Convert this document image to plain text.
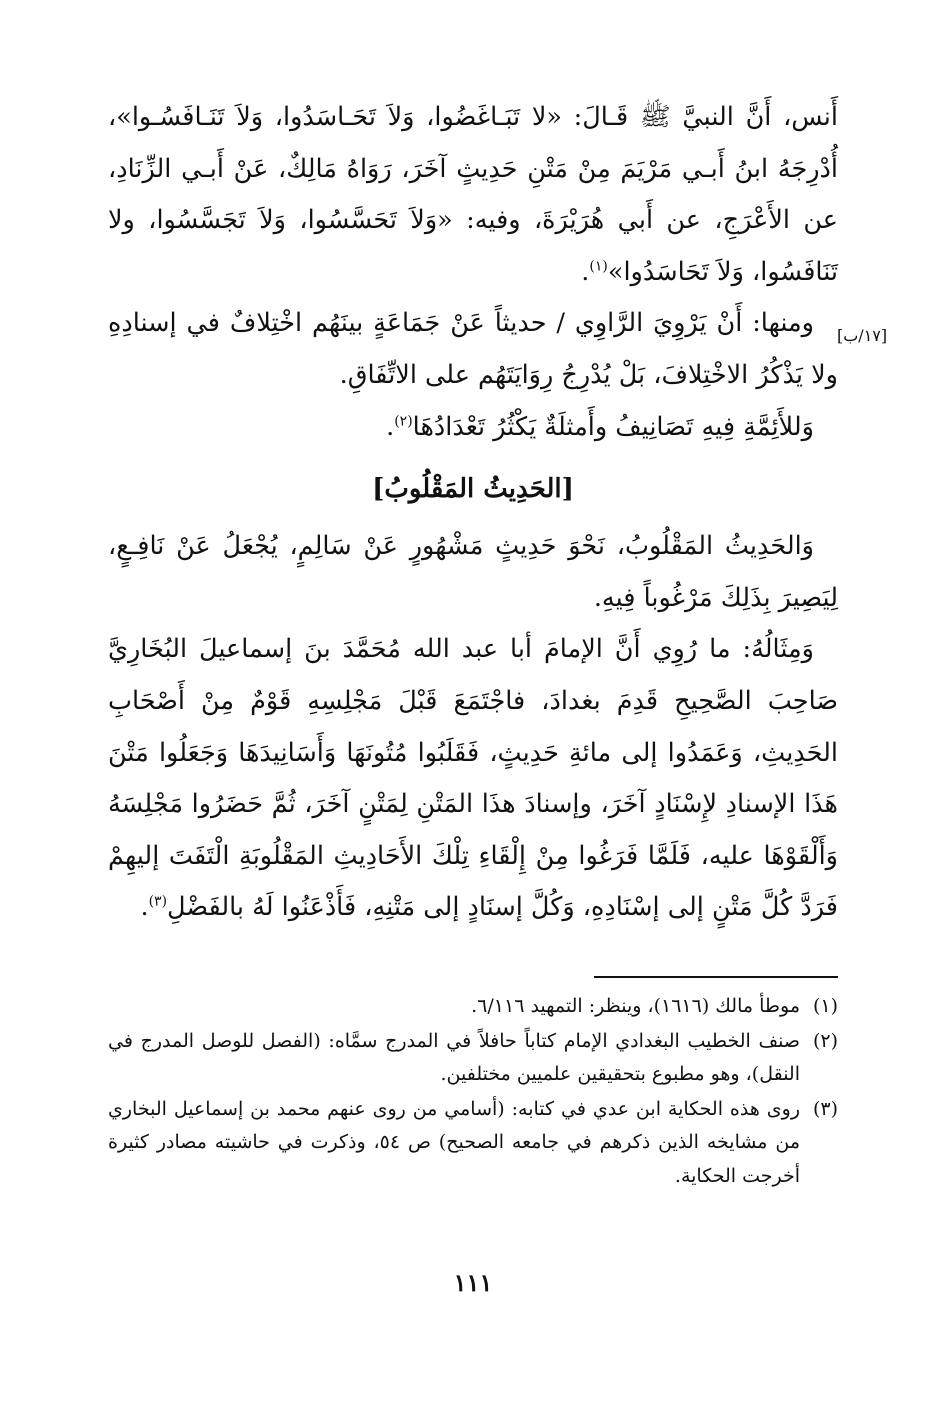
أَنس، أَنَّ النبيَّ ﷺ قَـالَ: «لا تَبَـاغَضُوا، وَلاَ تَحَـاسَدُوا، وَلاَ تَنَـافَسُـوا»، أُدْرِجَهُ ابنُ أَبـي مَرْيَمَ مِنْ مَتْنِ حَدِيثٍ آخَرَ، رَوَاهُ مَالِكٌ، عَنْ أَبـي الزِّنَادِ، عن الأَعْرَجِ، عن أَبي هُرَيْرَةَ، وفيه: «وَلاَ تَحَسَّسُوا، وَلاَ تَجَسَّسُوا، ولا تَنَافَسُوا، وَلاَ تَحَاسَدُوا»$^{(١)}$.

ومنها: أَنْ يَرْوِيَ الرَّاوِي / حديثاً عَنْ جَمَاعَةٍ بينَهُم اخْتِلافٌ في إسنادِهِ ولا يَذْكُرُ الاخْتِلافَ، بَلْ يُدْرِجُ رِوَايَتَهُم على الاتِّفَاقِ.

وَللأَئِمَّةِ فِيهِ تَصَانِيفُ وأَمثلَةٌ يَكْثُرُ تَعْدَادُهَا$^{(٢)}$.

[الحَدِيثُ المَقْلُوبُ]

وَالحَدِيثُ المَقْلُوبُ، نَحْوَ حَدِيثٍ مَشْهُورٍ عَنْ سَالِمٍ، يُجْعَلُ عَنْ نَافِـعٍ، لِيَصِيرَ بِذَلِكَ مَرْغُوباً فِيهِ.

وَمِثَالُهُ: ما رُوِي أَنَّ الإمامَ أبا عبد الله مُحَمَّدَ بنَ إسماعيلَ البُخَارِيَّ صَاحِبَ الصَّحِيحِ قَدِمَ بغدادَ، فاجْتَمَعَ قَبْلَ مَجْلِسِهِ قَوْمٌ مِنْ أَصْحَابِ الحَدِيثِ، وَعَمَدُوا إلى مائةِ حَدِيثٍ، فَقَلَبُوا مُتُونَهَا وَأَسَانِيدَهَا وَجَعَلُوا مَتْنَ هَذَا الإسنادِ لإِسْنَادٍ آخَرَ، وإسنادَ هذَا المَتْنِ لِمَتْنٍ آخَرَ، ثُمَّ حَضَرُوا مَجْلِسَهُ وَأَلْقَوْهَا عليه، فَلَمَّا فَرَغُوا مِنْ إِلْقَاءِ تِلْكَ الأَحَادِيثِ المَقْلُوبَةِ الْتَفَتَ إليهِمْ فَرَدَّ كُلَّ مَتْنٍ إلى إسْنَادِهِ، وَكُلَّ إسنَادٍ إلى مَتْنِهِ، فَأَذْعَنُوا لَهُ بالفَضْلِ$^{(٣)}$.

[١٧/ب]
(١)
موطأ مالك (١٦١٦)، وينظر: التمهيد ٦/١١٦.
(٢)
صنف الخطيب البغدادي الإمام كتاباً حافلاً في المدرج سمَّاه: (الفصل للوصل المدرج في النقل)، وهو مطبوع بتحقيقين علميين مختلفين.
(٣)
روى هذه الحكاية ابن عدي في كتابه: (أسامي من روى عنهم محمد بن إسماعيل البخاري من مشايخه الذين ذكرهم في جامعه الصحيح) ص ٥٤، وذكرت في حاشيته مصادر كثيرة أخرجت الحكاية.
١١١
